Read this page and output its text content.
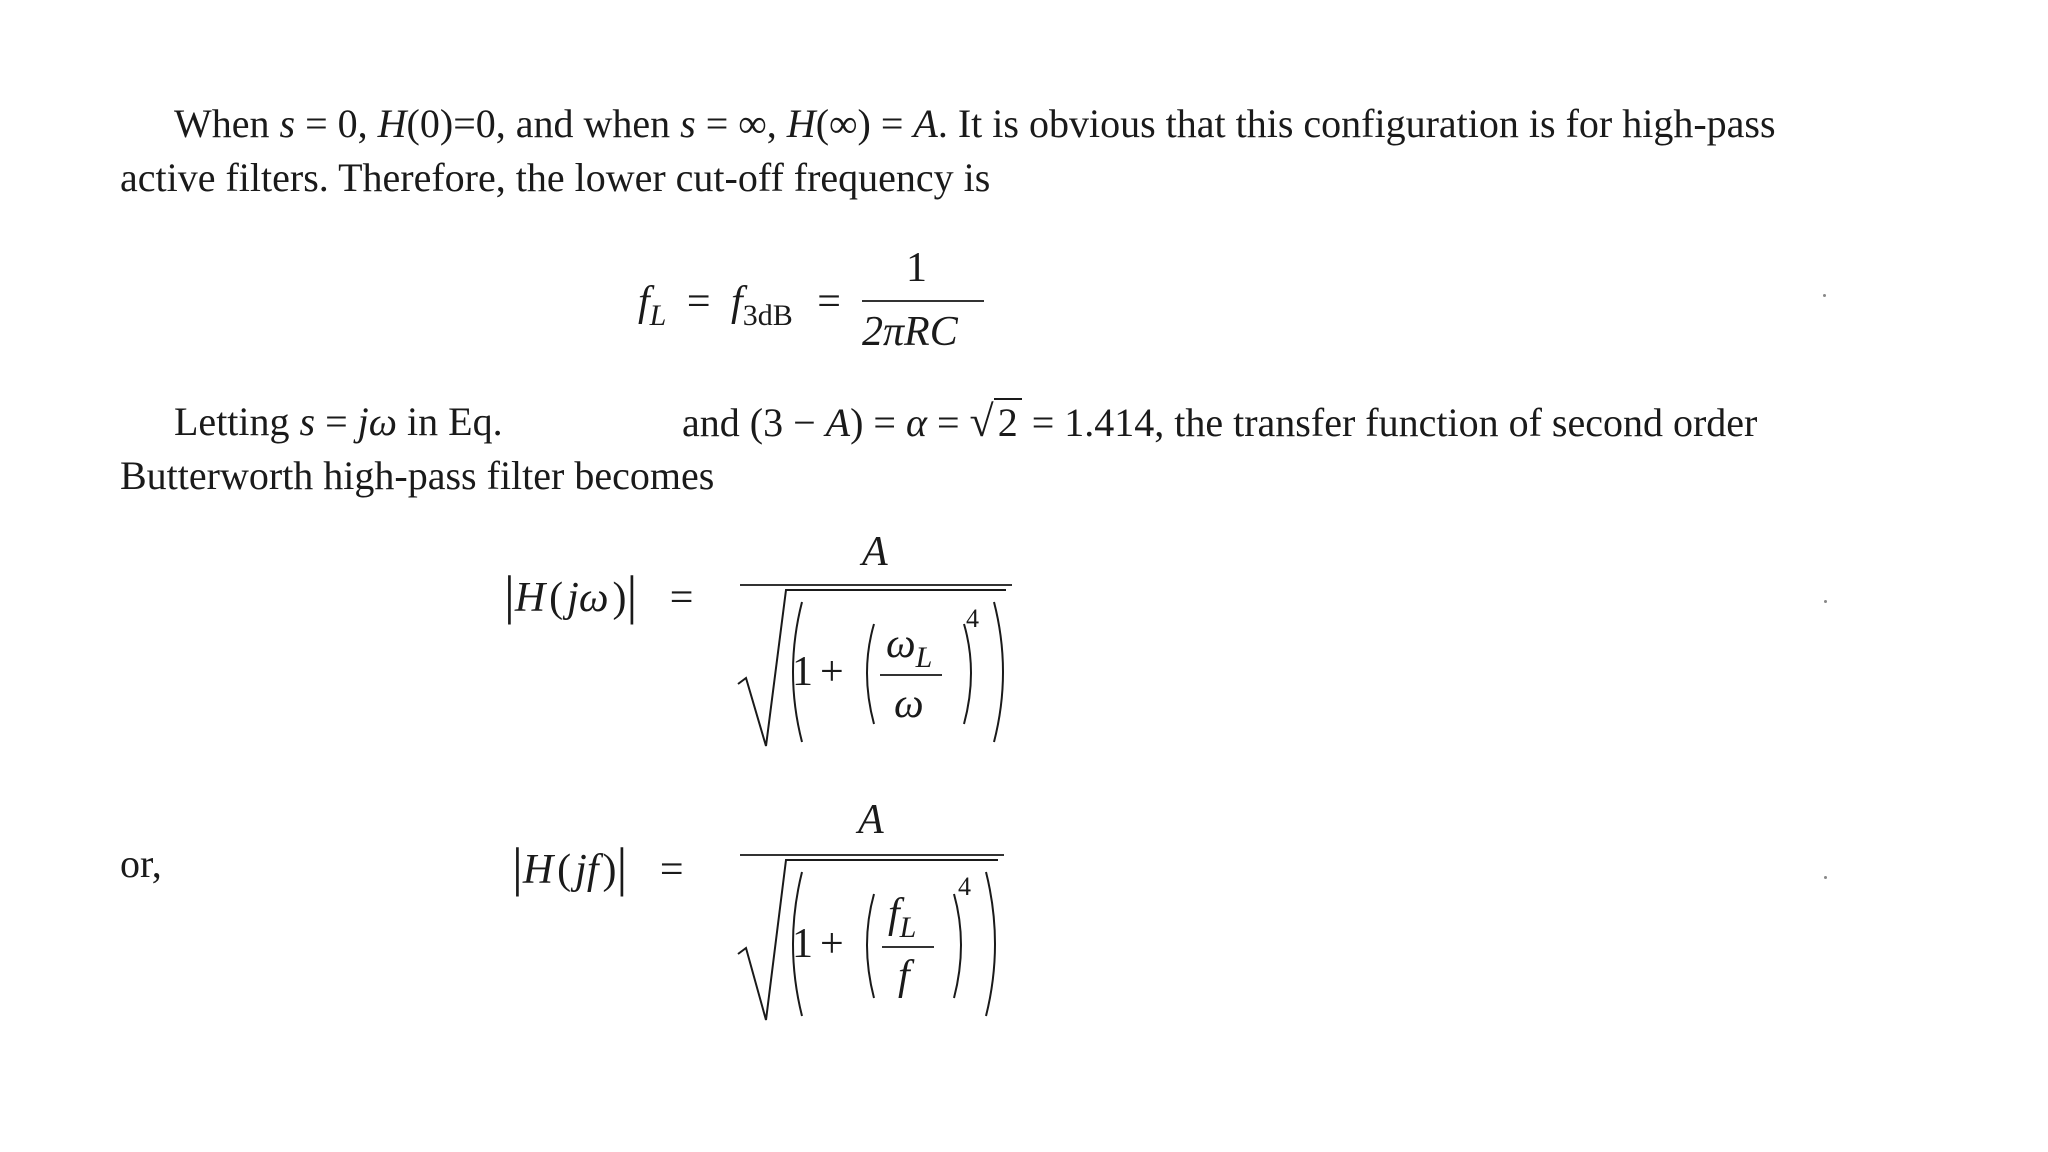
When s = 0, H(0)=0, and when s = ∞, H(∞) = A. It is obvious that this configuration is for high-pass
active filters. Therefore, the lower cut-off frequency is
$f_L = f_{3dB}$ =
1
2πRC
Letting s = jω in Eq.	and (3 − A) = α = √ 2 = 1.414, the transfer function of second order
Butterworth high-pass filter becomes
|H(jω)| =
A
1 +
$\omega_L$
ω
4
or,	|H(jf)| =
A
1 +
$f_L$
f
4
